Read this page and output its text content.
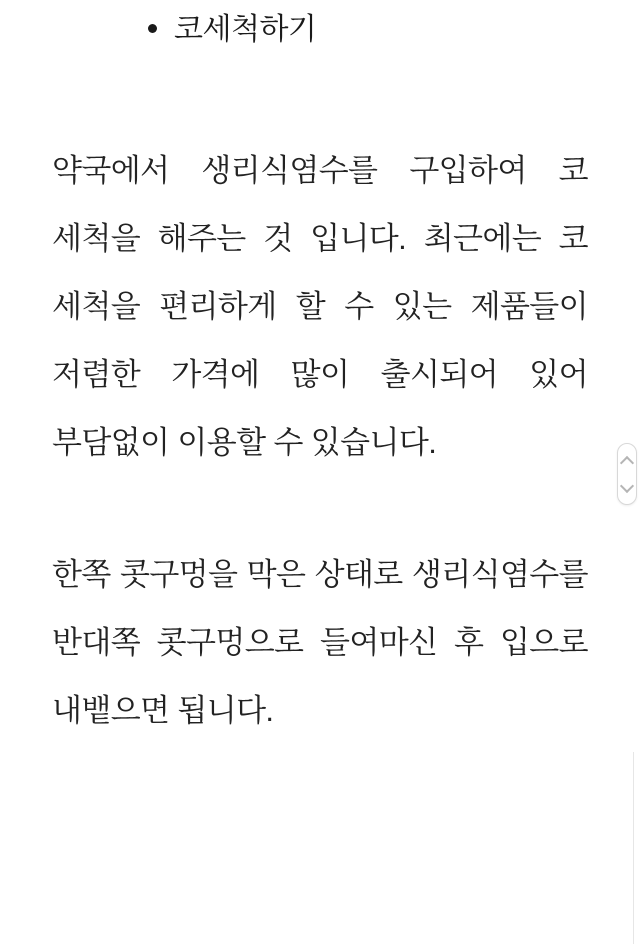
코세척하기

약국에서 생리식염수를 구입하여 코 세척을 해주는 것 입니다. 최근에는 코 세척을 편리하게 할 수 있는 제품들이 저렴한 가격에 많이 출시되어 있어 부담없이 이용할 수 있습니다.

한쪽 콧구멍을 막은 상태로 생리식염수를 반대쪽 콧구멍으로 들여마신 후 입으로 내뱉으면 됩니다.
